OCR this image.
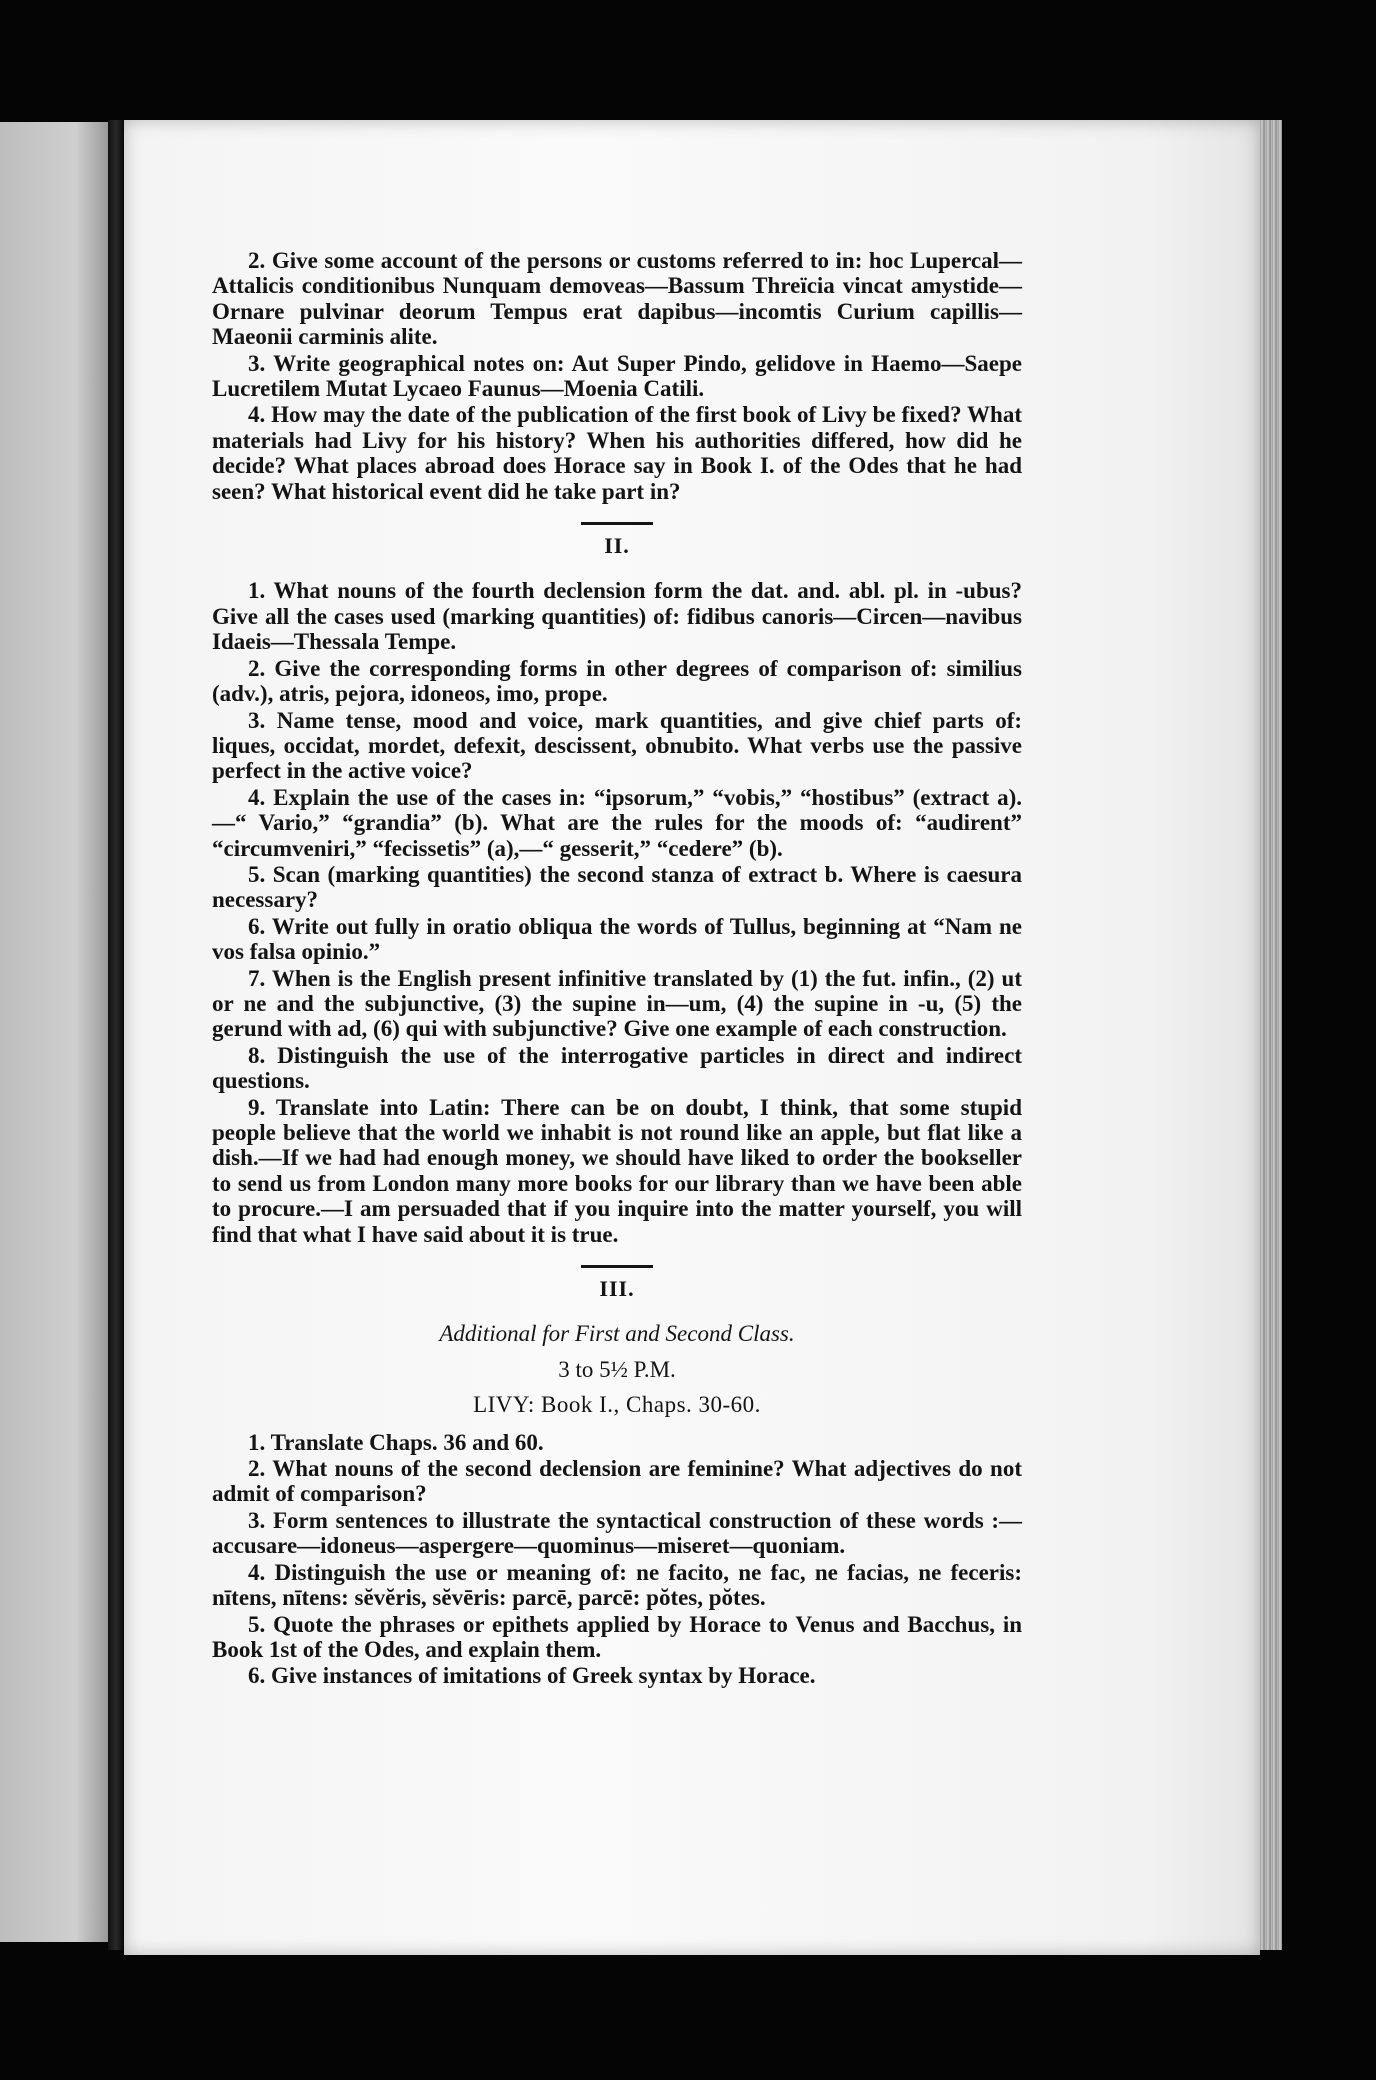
2. Give some account of the persons or customs referred to in: hoc Lupercal—Attalicis conditionibus Nunquam demoveas—Bassum Threïcia vincat amystide—Ornare pulvinar deorum Tempus erat dapibus—incomtis Curium capillis—Maeonii carminis alite.

3. Write geographical notes on: Aut Super Pindo, gelidove in Haemo—Saepe Lucretilem Mutat Lycaeo Faunus—Moenia Catili.

4. How may the date of the publication of the first book of Livy be fixed? What materials had Livy for his history? When his authorities differed, how did he decide? What places abroad does Horace say in Book I. of the Odes that he had seen? What historical event did he take part in?

II.

1. What nouns of the fourth declension form the dat. and. abl. pl. in -ubus? Give all the cases used (marking quantities) of: fidibus canoris—Circen—navibus Idaeis—Thessala Tempe.

2. Give the corresponding forms in other degrees of comparison of: similius (adv.), atris, pejora, idoneos, imo, prope.

3. Name tense, mood and voice, mark quantities, and give chief parts of: liques, occidat, mordet, defexit, descissent, obnubito. What verbs use the passive perfect in the active voice?

4. Explain the use of the cases in: “ipsorum,” “vobis,” “hostibus” (extract a).—“ Vario,” “grandia” (b). What are the rules for the moods of: “audirent” “circumveniri,” “fecissetis” (a),—“ gesserit,” “cedere” (b).

5. Scan (marking quantities) the second stanza of extract b. Where is caesura necessary?

6. Write out fully in oratio obliqua the words of Tullus, beginning at “Nam ne vos falsa opinio.”

7. When is the English present infinitive translated by (1) the fut. infin., (2) ut or ne and the subjunctive, (3) the supine in—um, (4) the supine in -u, (5) the gerund with ad, (6) qui with subjunctive? Give one example of each construction.

8. Distinguish the use of the interrogative particles in direct and indirect questions.

9. Translate into Latin: There can be on doubt, I think, that some stupid people believe that the world we inhabit is not round like an apple, but flat like a dish.—If we had had enough money, we should have liked to order the bookseller to send us from London many more books for our library than we have been able to procure.—I am persuaded that if you inquire into the matter yourself, you will find that what I have said about it is true.

III.
Additional for First and Second Class.
3 to 5½ P.M.
LIVY: Book I., Chaps. 30-60.

1. Translate Chaps. 36 and 60.

2. What nouns of the second declension are feminine? What adjectives do not admit of comparison?

3. Form sentences to illustrate the syntactical construction of these words :—accusare—idoneus—aspergere—quominus—miseret—quoniam.

4. Distinguish the use or meaning of: ne facito, ne fac, ne facias, ne feceris: nītens, nītens: sĕvĕris, sĕvēris: parcē, parcē: pŏtes, pŏtes.

5. Quote the phrases or epithets applied by Horace to Venus and Bacchus, in Book 1st of the Odes, and explain them.

6. Give instances of imitations of Greek syntax by Horace.
